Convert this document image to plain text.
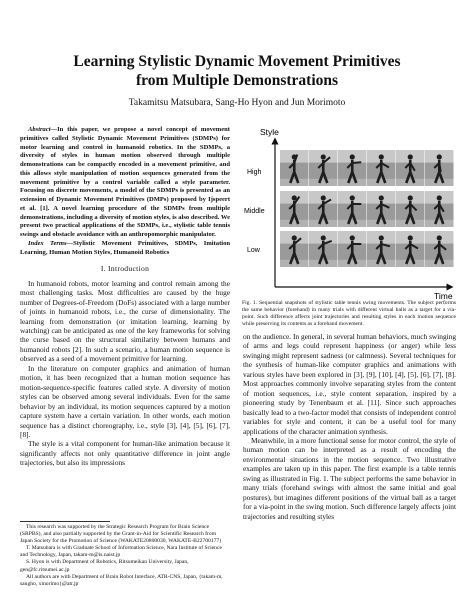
Learning Stylistic Dynamic Movement Primitives
from Multiple Demonstrations
Takamitsu Matsubara, Sang-Ho Hyon and Jun Morimoto

Abstract—In this paper, we propose a novel concept of movement primitives called Stylistic Dynamic Movement Primitives (SDMPs) for motor learning and control in humanoid robotics. In the SDMPs, a diversity of styles in human motion observed through multiple demonstrations can be compactly encoded in a movement primitive, and this allows style manipulation of motion sequences generated from the movement primitive by a control variable called a style parameter. Focusing on discrete movements, a model of the SDMPs is presented as an extension of Dynamic Movement Primitives (DMPs) proposed by Ijspeert et al. [1]. A novel learning procedure of the SDMPs from multiple demonstrations, including a diversity of motion styles, is also described. We present two practical applications of the SDMPs, i.e., stylistic table tennis swings and obstacle avoidance with an anthropomorphic manipulator.

Index Terms—Stylistic Movement Primitives, SDMPs, Imitation Learning, Human Motion Styles, Humanoid Robotics

I. Introduction

In humanoid robots, motor learning and control remain among the most challenging tasks. Most difficulties are caused by the huge number of Degrees-of-Freedom (DoFs) associated with a large number of joints in humanoid robots, i.e., the curse of dimensionality. The learning from demonstration (or imitation learning, learning by watching) can be anticipated as one of the key frameworks for solving the curse based on the structural similarity between humans and humanoid robots [2]. In such a scenario, a human motion sequence is observed as a seed of a movement primitive for learning.

In the literature on computer graphics and animation of human motion, it has been recognized that a human motion sequence has motion-sequence-specific features called style. A diversity of motion styles can be observed among several individuals. Even for the same behavior by an individual, its motion sequences captured by a motion capture system have a certain variation. In other words, each motion sequence has a distinct choreography, i.e., style [3], [4], [5], [6], [7], [8].

The style is a vital component for human-like animation because it significantly affects not only quantitative difference in joint angle trajectories, but also its impressions

This research was supported by the Strategic Research Program for Brain Science (SRPBS), and also partially supported by the Grant-in-Aid for Scientific Research from Japan Society for the Promotion of Science (WAKATE20800030, WAKATE-B22700177)

T. Matsubara is with Graduate School of Information Science, Nara Institute of Science and Technology, Japan, takam-m@is.naist.jp

S. Hyon is with Department of Robotics, Ritsumeikan University, Japan, gen@fc.ritsumei.ac.jp

All authors are with Department of Brain Robot Interface, ATR-CNS, Japan, {takam-m, sangho, xmorimo}@atr.jp

Style
Time
High
Middle
Low
Fig. 1. Sequential snapshots of stylistic table tennis swing movements. The subject performs the same behavior (forehand) in many trials with different virtual balls as a target for a via-point. Such difference affects joint trajectories and resulting styles in each motion sequence while preserving its contents as a forehand movement.

on the audience. In general, in several human behaviors, much swinging of arms and legs could represent happiness (or anger) while less swinging might represent sadness (or calmness). Several techniques for the synthesis of human-like computer graphics and animations with various styles have been explored in [3], [9], [10], [4], [5], [6], [7], [8]. Most approaches commonly involve separating styles from the content of motion sequences, i.e., style content separation, inspired by a pioneering study by Tenenbaum et al. [11]. Since such approaches basically lead to a two-factor model that consists of independent control variables for style and content, it can be a useful tool for many applications of the character animation synthesis.

Meanwhile, in a more functional sense for motor control, the style of human motion can be interpreted as a result of encoding the environmental situations in the motion sequence. Two illustrative examples are taken up in this paper. The first example is a table tennis swing as illustrated in Fig. 1. The subject performs the same behavior in many trials (forehand swings with almost the same initial and goal postures), but imagines different positions of the virtual ball as a target for a via-point in the swing motion. Such difference largely affects joint trajectories and resulting styles
